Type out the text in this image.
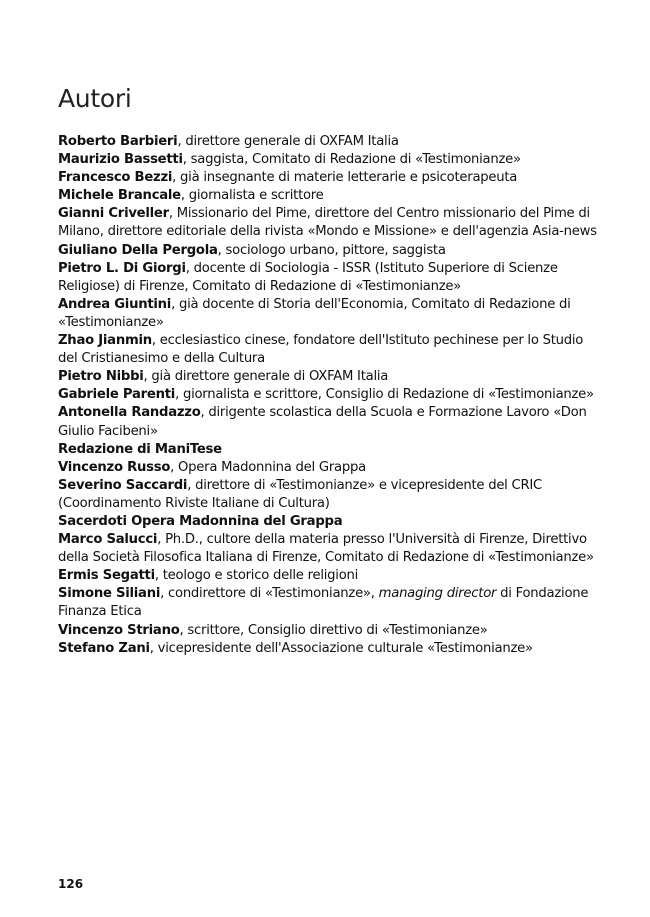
Autori
Roberto Barbieri, direttore generale di OXFAM Italia
Maurizio Bassetti, saggista, Comitato di Redazione di «Testimonianze»
Francesco Bezzi, già insegnante di materie letterarie e psicoterapeuta
Michele Brancale, giornalista e scrittore
Gianni Criveller, Missionario del Pime, direttore del Centro missionario del Pime di Milano, direttore editoriale della rivista «Mondo e Missione» e dell'agenzia Asia-news
Giuliano Della Pergola, sociologo urbano, pittore, saggista
Pietro L. Di Giorgi, docente di Sociologia - ISSR (Istituto Superiore di Scienze Religiose) di Firenze, Comitato di Redazione di «Testimonianze»
Andrea Giuntini, già docente di Storia dell'Economia, Comitato di Redazione di «Testimonianze»
Zhao Jianmin, ecclesiastico cinese, fondatore dell'Istituto pechinese per lo Studio del Cristianesimo e della Cultura
Pietro Nibbi, già direttore generale di OXFAM Italia
Gabriele Parenti, giornalista e scrittore, Consiglio di Redazione di «Testimonianze»
Antonella Randazzo, dirigente scolastica della Scuola e Formazione Lavoro «Don Giulio Facibeni»
Redazione di ManiTese
Vincenzo Russo, Opera Madonnina del Grappa
Severino Saccardi, direttore di «Testimonianze» e vicepresidente del CRIC (Coordinamento Riviste Italiane di Cultura)
Sacerdoti Opera Madonnina del Grappa
Marco Salucci, Ph.D., cultore della materia presso l'Università di Firenze, Direttivo della Società Filosofica Italiana di Firenze, Comitato di Redazione di «Testimonianze»
Ermis Segatti, teologo e storico delle religioni
Simone Siliani, condirettore di «Testimonianze», managing director di Fondazione Finanza Etica
Vincenzo Striano, scrittore, Consiglio direttivo di «Testimonianze»
Stefano Zani, vicepresidente dell'Associazione culturale «Testimonianze»

126
